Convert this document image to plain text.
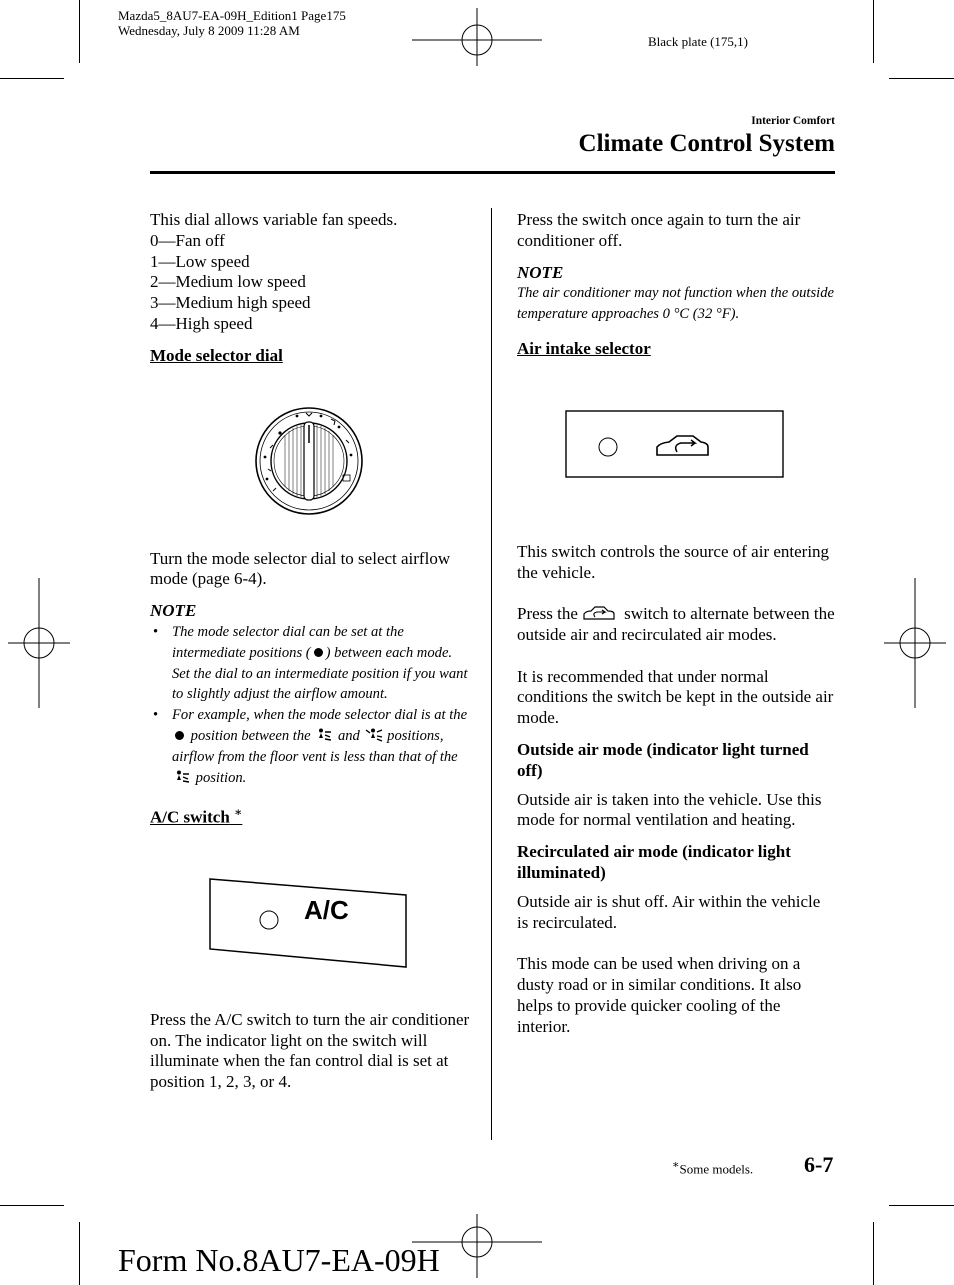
Mazda5_8AU7-EA-09H_Edition1 Page175
Wednesday, July 8 2009 11:28 AM
Black plate (175,1)
Interior Comfort
Climate Control System

This dial allows variable fan speeds.

0—Fan off

1—Low speed

2—Medium low speed

3—Medium high speed

4—High speed

Mode selector dial

Turn the mode selector dial to select airflow mode (page 6-4).

NOTE

• The mode selector dial can be set at the intermediate positions ( ) between each mode. Set the dial to an intermediate position if you want to slightly adjust the airflow amount.

• For example, when the mode selector dial is at the  position between the and positions, airflow from the floor vent is less than that of the  position.

A/C switch ∗

A/C

Press the A/C switch to turn the air conditioner on. The indicator light on the switch will illuminate when the fan control dial is set at position 1, 2, 3, or 4.

Press the switch once again to turn the air conditioner off.

NOTE

The air conditioner may not function when the outside temperature approaches 0 °C (32 °F).

Air intake selector

This switch controls the source of air entering the vehicle.

Press the	switch to alternate between the outside air and recirculated air modes.

It is recommended that under normal conditions the switch be kept in the outside air mode.

Outside air mode (indicator light turned off)

Outside air is taken into the vehicle. Use this mode for normal ventilation and heating.

Recirculated air mode (indicator light illuminated)

Outside air is shut off. Air within the vehicle is recirculated.

This mode can be used when driving on a dusty road or in similar conditions. It also helps to provide quicker cooling of the interior.

∗Some models. 6-7
Form No.8AU7-EA-09H
